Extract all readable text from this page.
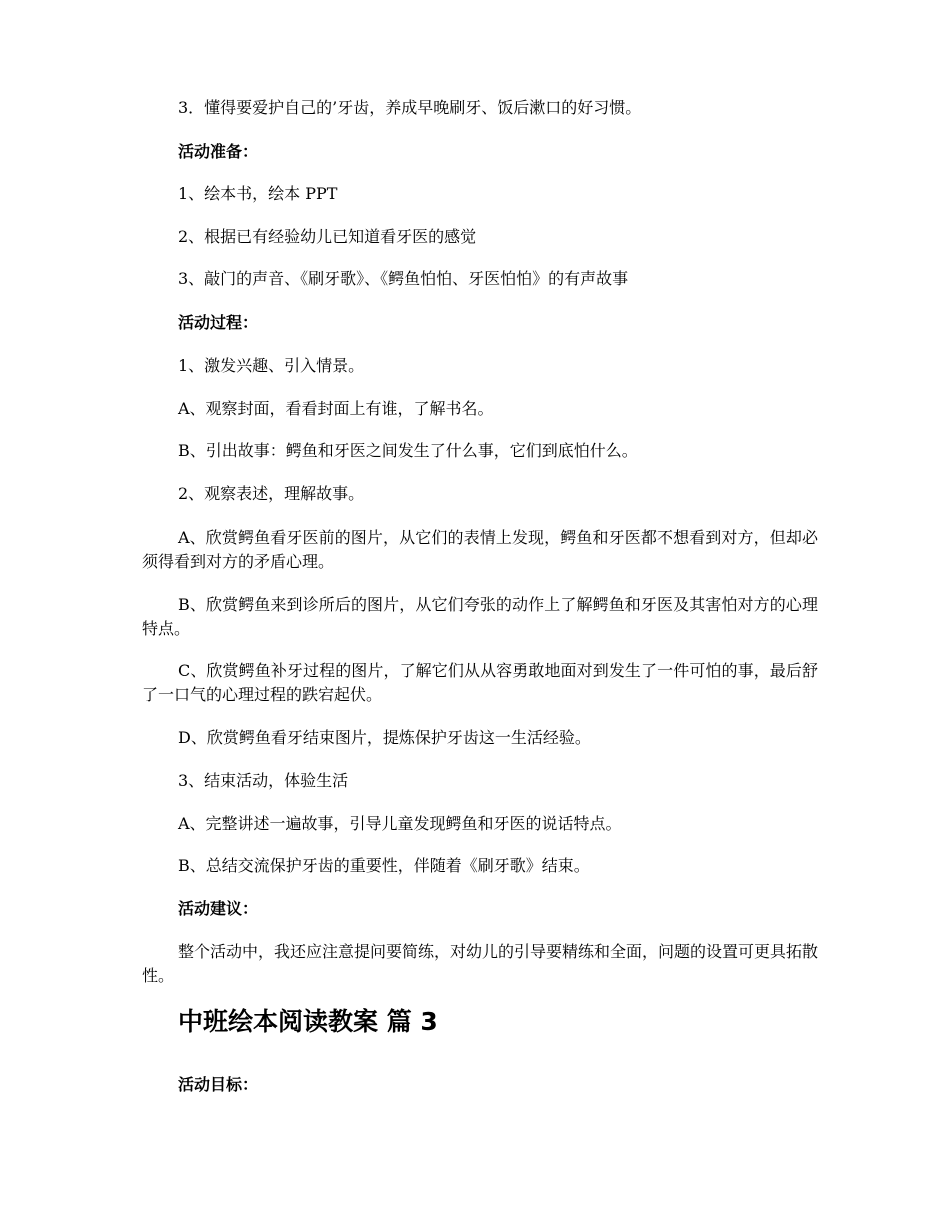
3．懂得要爱护自己的’牙齿，养成早晚刷牙、饭后漱口的好习惯。
活动准备：
1、绘本书，绘本 PPT
2、根据已有经验幼儿已知道看牙医的感觉
3、敲门的声音、《刷牙歌》、《鳄鱼怕怕、牙医怕怕》的有声故事
活动过程：
1、激发兴趣、引入情景。
A、观察封面，看看封面上有谁，了解书名。
B、引出故事：鳄鱼和牙医之间发生了什么事，它们到底怕什么。
2、观察表述，理解故事。
A、欣赏鳄鱼看牙医前的图片，从它们的表情上发现，鳄鱼和牙医都不想看到对方，但却必须得看到对方的矛盾心理。
B、欣赏鳄鱼来到诊所后的图片，从它们夸张的动作上了解鳄鱼和牙医及其害怕对方的心理特点。
C、欣赏鳄鱼补牙过程的图片，了解它们从从容勇敢地面对到发生了一件可怕的事，最后舒了一口气的心理过程的跌宕起伏。
D、欣赏鳄鱼看牙结束图片，提炼保护牙齿这一生活经验。
3、结束活动，体验生活
A、完整讲述一遍故事，引导儿童发现鳄鱼和牙医的说话特点。
B、总结交流保护牙齿的重要性，伴随着《刷牙歌》结束。
活动建议：
整个活动中，我还应注意提问要简练，对幼儿的引导要精练和全面，问题的设置可更具拓散性。
中班绘本阅读教案 篇 3
活动目标：
